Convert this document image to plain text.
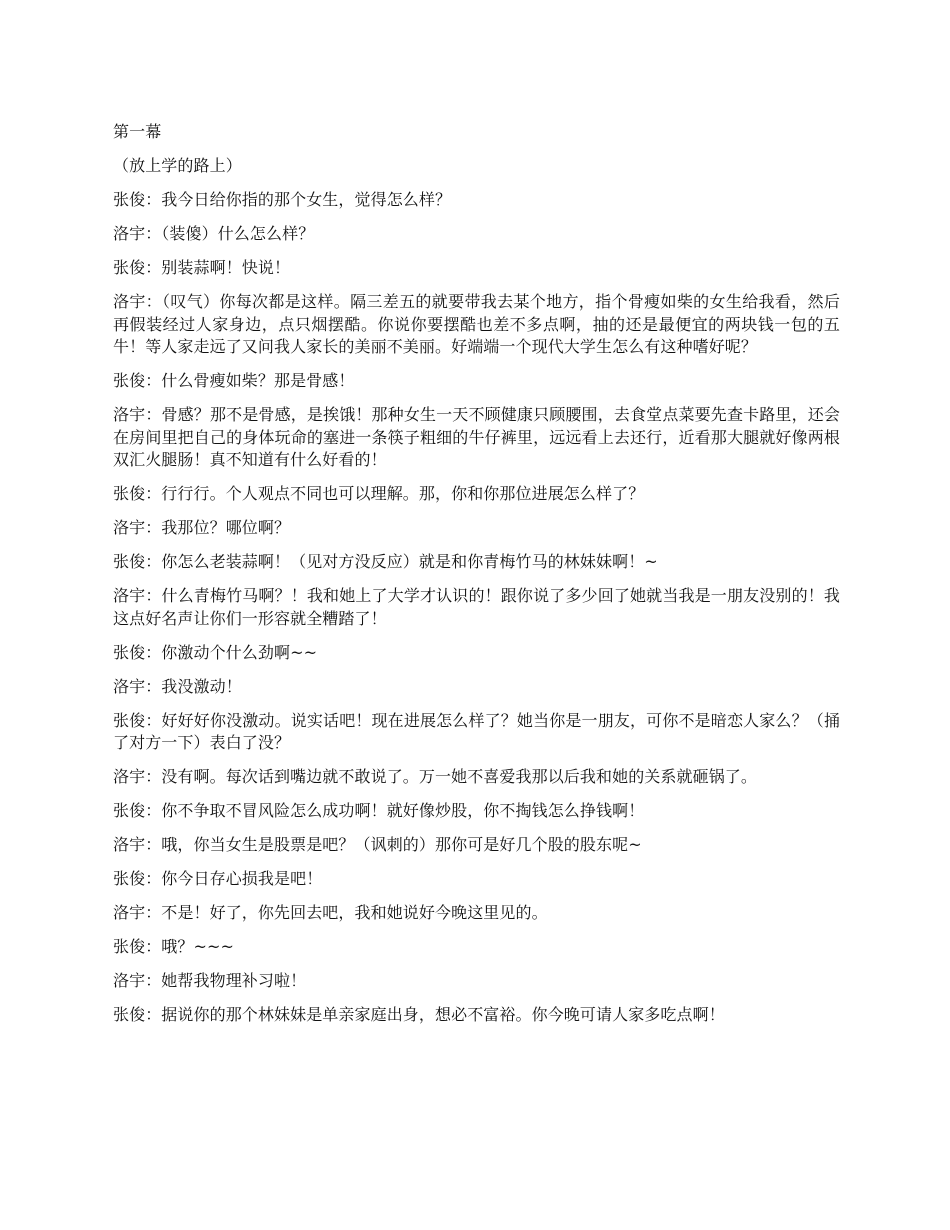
第一幕

（放上学的路上）

张俊：我今日给你指的那个女生，觉得怎么样？

洛宇：（装傻）什么怎么样？

张俊：别装蒜啊！快说！

洛宇：（叹气）你每次都是这样。隔三差五的就要带我去某个地方，指个骨瘦如柴的女生给我看，然后再假装经过人家身边，点只烟摆酷。你说你要摆酷也差不多点啊，抽的还是最便宜的两块钱一包的五牛！等人家走远了又问我人家长的美丽不美丽。好端端一个现代大学生怎么有这种嗜好呢？

张俊：什么骨瘦如柴？那是骨感！

洛宇：骨感？那不是骨感，是挨饿！那种女生一天不顾健康只顾腰围，去食堂点菜要先查卡路里，还会在房间里把自己的身体玩命的塞进一条筷子粗细的牛仔裤里，远远看上去还行，近看那大腿就好像两根双汇火腿肠！真不知道有什么好看的！

张俊：行行行。个人观点不同也可以理解。那，你和你那位进展怎么样了？

洛宇：我那位？哪位啊？

张俊：你怎么老装蒜啊！（见对方没反应）就是和你青梅竹马的林妹妹啊！~

洛宇：什么青梅竹马啊？！我和她上了大学才认识的！跟你说了多少回了她就当我是一朋友没别的！我这点好名声让你们一形容就全糟踏了！

张俊：你激动个什么劲啊~~

洛宇：我没激动！

张俊：好好好你没激动。说实话吧！现在进展怎么样了？她当你是一朋友，可你不是暗恋人家么？（捅了对方一下）表白了没？

洛宇：没有啊。每次话到嘴边就不敢说了。万一她不喜爱我那以后我和她的关系就砸锅了。

张俊：你不争取不冒风险怎么成功啊！就好像炒股，你不掏钱怎么挣钱啊！

洛宇：哦，你当女生是股票是吧？（讽刺的）那你可是好几个股的股东呢~

张俊：你今日存心损我是吧！

洛宇：不是！好了，你先回去吧，我和她说好今晚这里见的。

张俊：哦？~~~

洛宇：她帮我物理补习啦！

张俊：据说你的那个林妹妹是单亲家庭出身，想必不富裕。你今晚可请人家多吃点啊！
